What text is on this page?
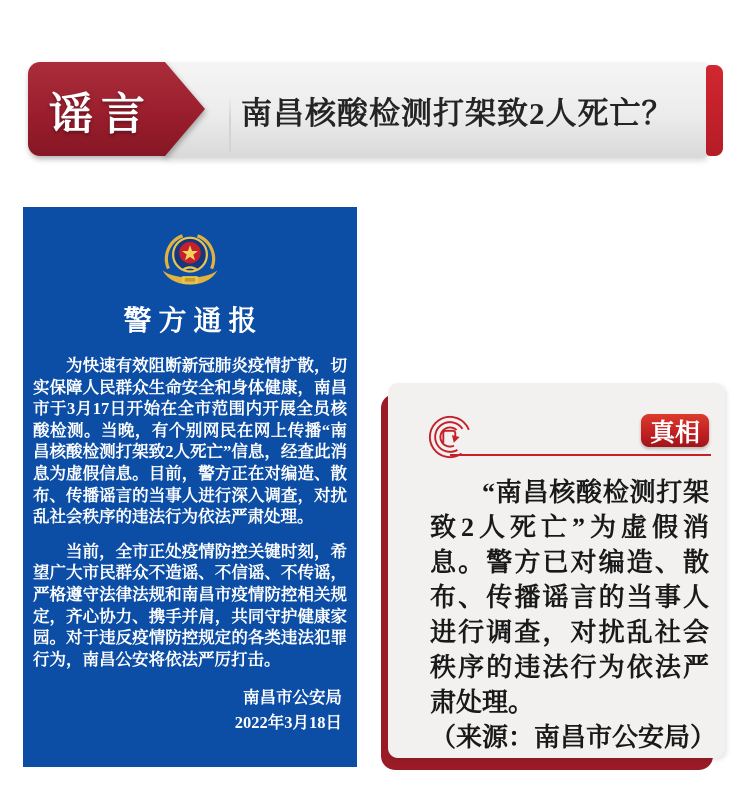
南昌核酸检测打架致2人死亡？
谣言
警 方 通 报

为快速有效阻断新冠肺炎疫情扩散，切实保障人民群众生命安全和身体健康，南昌市于3月17日开始在全市范围内开展全员核酸检测。当晚，有个别网民在网上传播“南昌核酸检测打架致2人死亡”信息，经查此消息为虚假信息。目前，警方正在对编造、散布、传播谣言的当事人进行深入调查，对扰乱社会秩序的违法行为依法严肃处理。

当前，全市正处疫情防控关键时刻，希望广大市民群众不造谣、不信谣、不传谣，严格遵守法律法规和南昌市疫情防控相关规定，齐心协力、携手并肩，共同守护健康家园。对于违反疫情防控规定的各类违法犯罪行为，南昌公安将依法严厉打击。

南昌市公安局
2022年3月18日
真相
“南昌核酸检测打架致2人死亡”为虚假消息。警方已对编造、散布、传播谣言的当事人进行调查，对扰乱社会秩序的违法行为依法严肃处理。

（来源：南昌市公安局）
